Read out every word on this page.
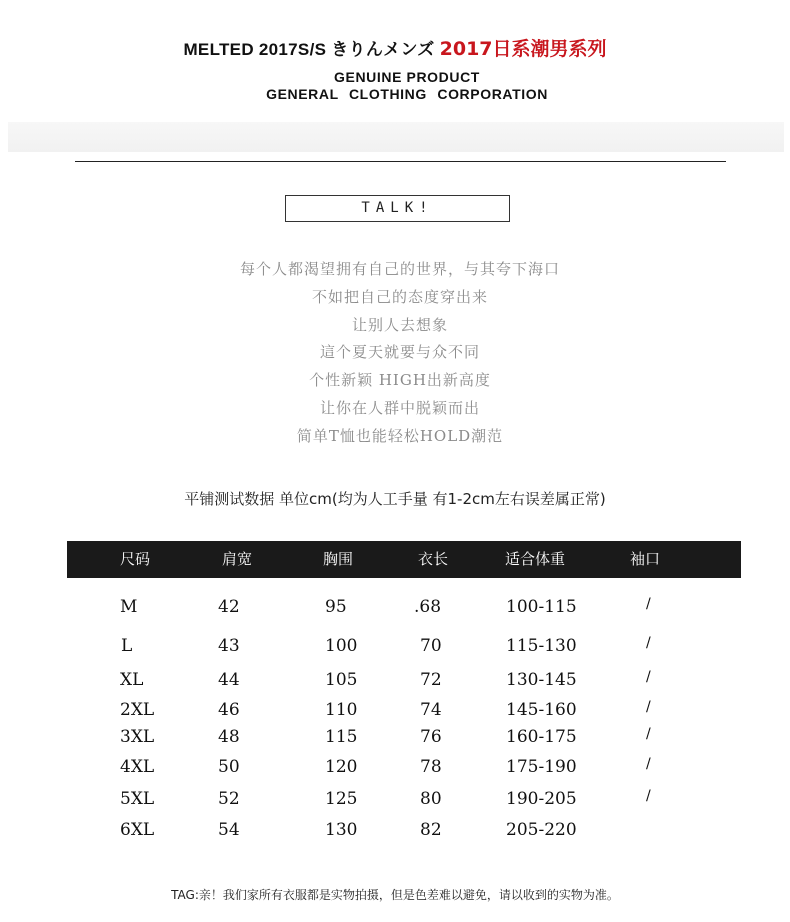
MELTED 2017S/S きりんメンズ 2017日系潮男系列
GENUINE PRODUCT
GENERAL CLOTHING CORPORATION
TALK!
每个人都渴望拥有自己的世界，与其夸下海口
不如把自己的态度穿出来
让别人去想象
這个夏天就要与众不同
个性新颖 HIGH出新高度
让你在人群中脱颖而出
简单T恤也能轻松HOLD潮范
平铺测试数据 单位cm(均为人工手量 有1-2cm左右误差属正常)
尺码	肩宽	胸围	衣长	适合体重	袖口
M	42	95	.68	100-115	/
L	43	100	70	115-130	/
XL	44	105	72	130-145	/
2XL	46	110	74	145-160	/
3XL	48	115	76	160-175	/
4XL	50	120	78	175-190	/
5XL	52	125	80	190-205	/
6XL	54	130	82	205-220
TAG:亲！我们家所有衣服都是实物拍摄，但是色差难以避免，请以收到的实物为准。
